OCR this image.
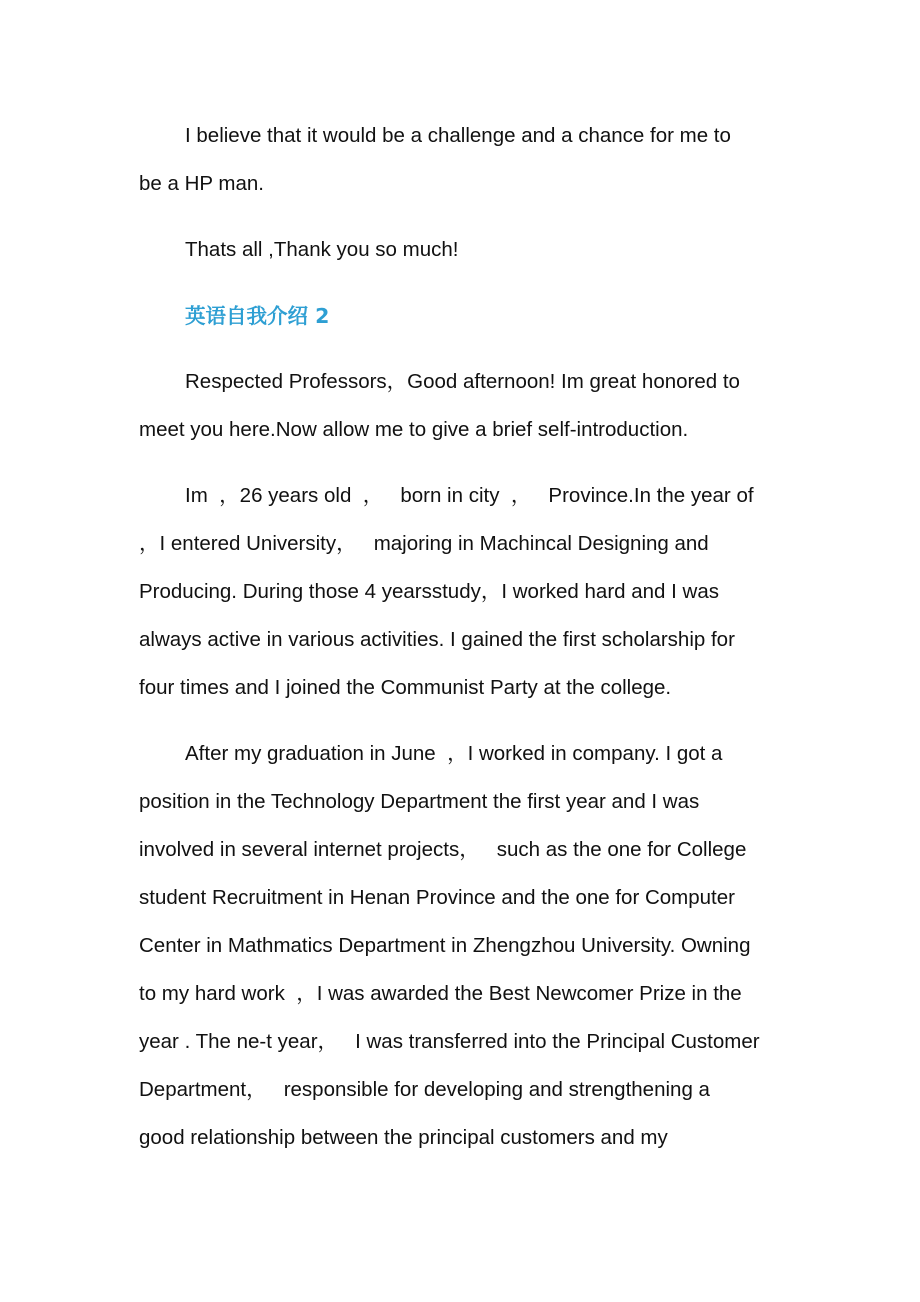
I believe that it would be a challenge and a chance for me to
be a HP man.
Thats all ,Thank you so much!
英语自我介绍 2
Respected Professors，Good afternoon! Im great honored to
meet you here.Now allow me to give a brief self-introduction.
Im  ，26 years old  ，   born in city  ，   Province.In the year of
，I entered University，   majoring in Machincal Designing and
Producing. During those 4 yearsstudy，I worked hard and I was
always active in various activities. I gained the first scholarship for
four times and I joined the Communist Party at the college.
After my graduation in June  ，I worked in company. I got a
position in the Technology Department the first year and I was
involved in several internet projects，   such as the one for College
student Recruitment in Henan Province and the one for Computer
Center in Mathmatics Department in Zhengzhou University. Owning
to my hard work  ，I was awarded the Best Newcomer Prize in the
year . The ne-t year，   I was transferred into the Principal Customer
Department，   responsible for developing and strengthening a
good relationship between the principal customers and my
